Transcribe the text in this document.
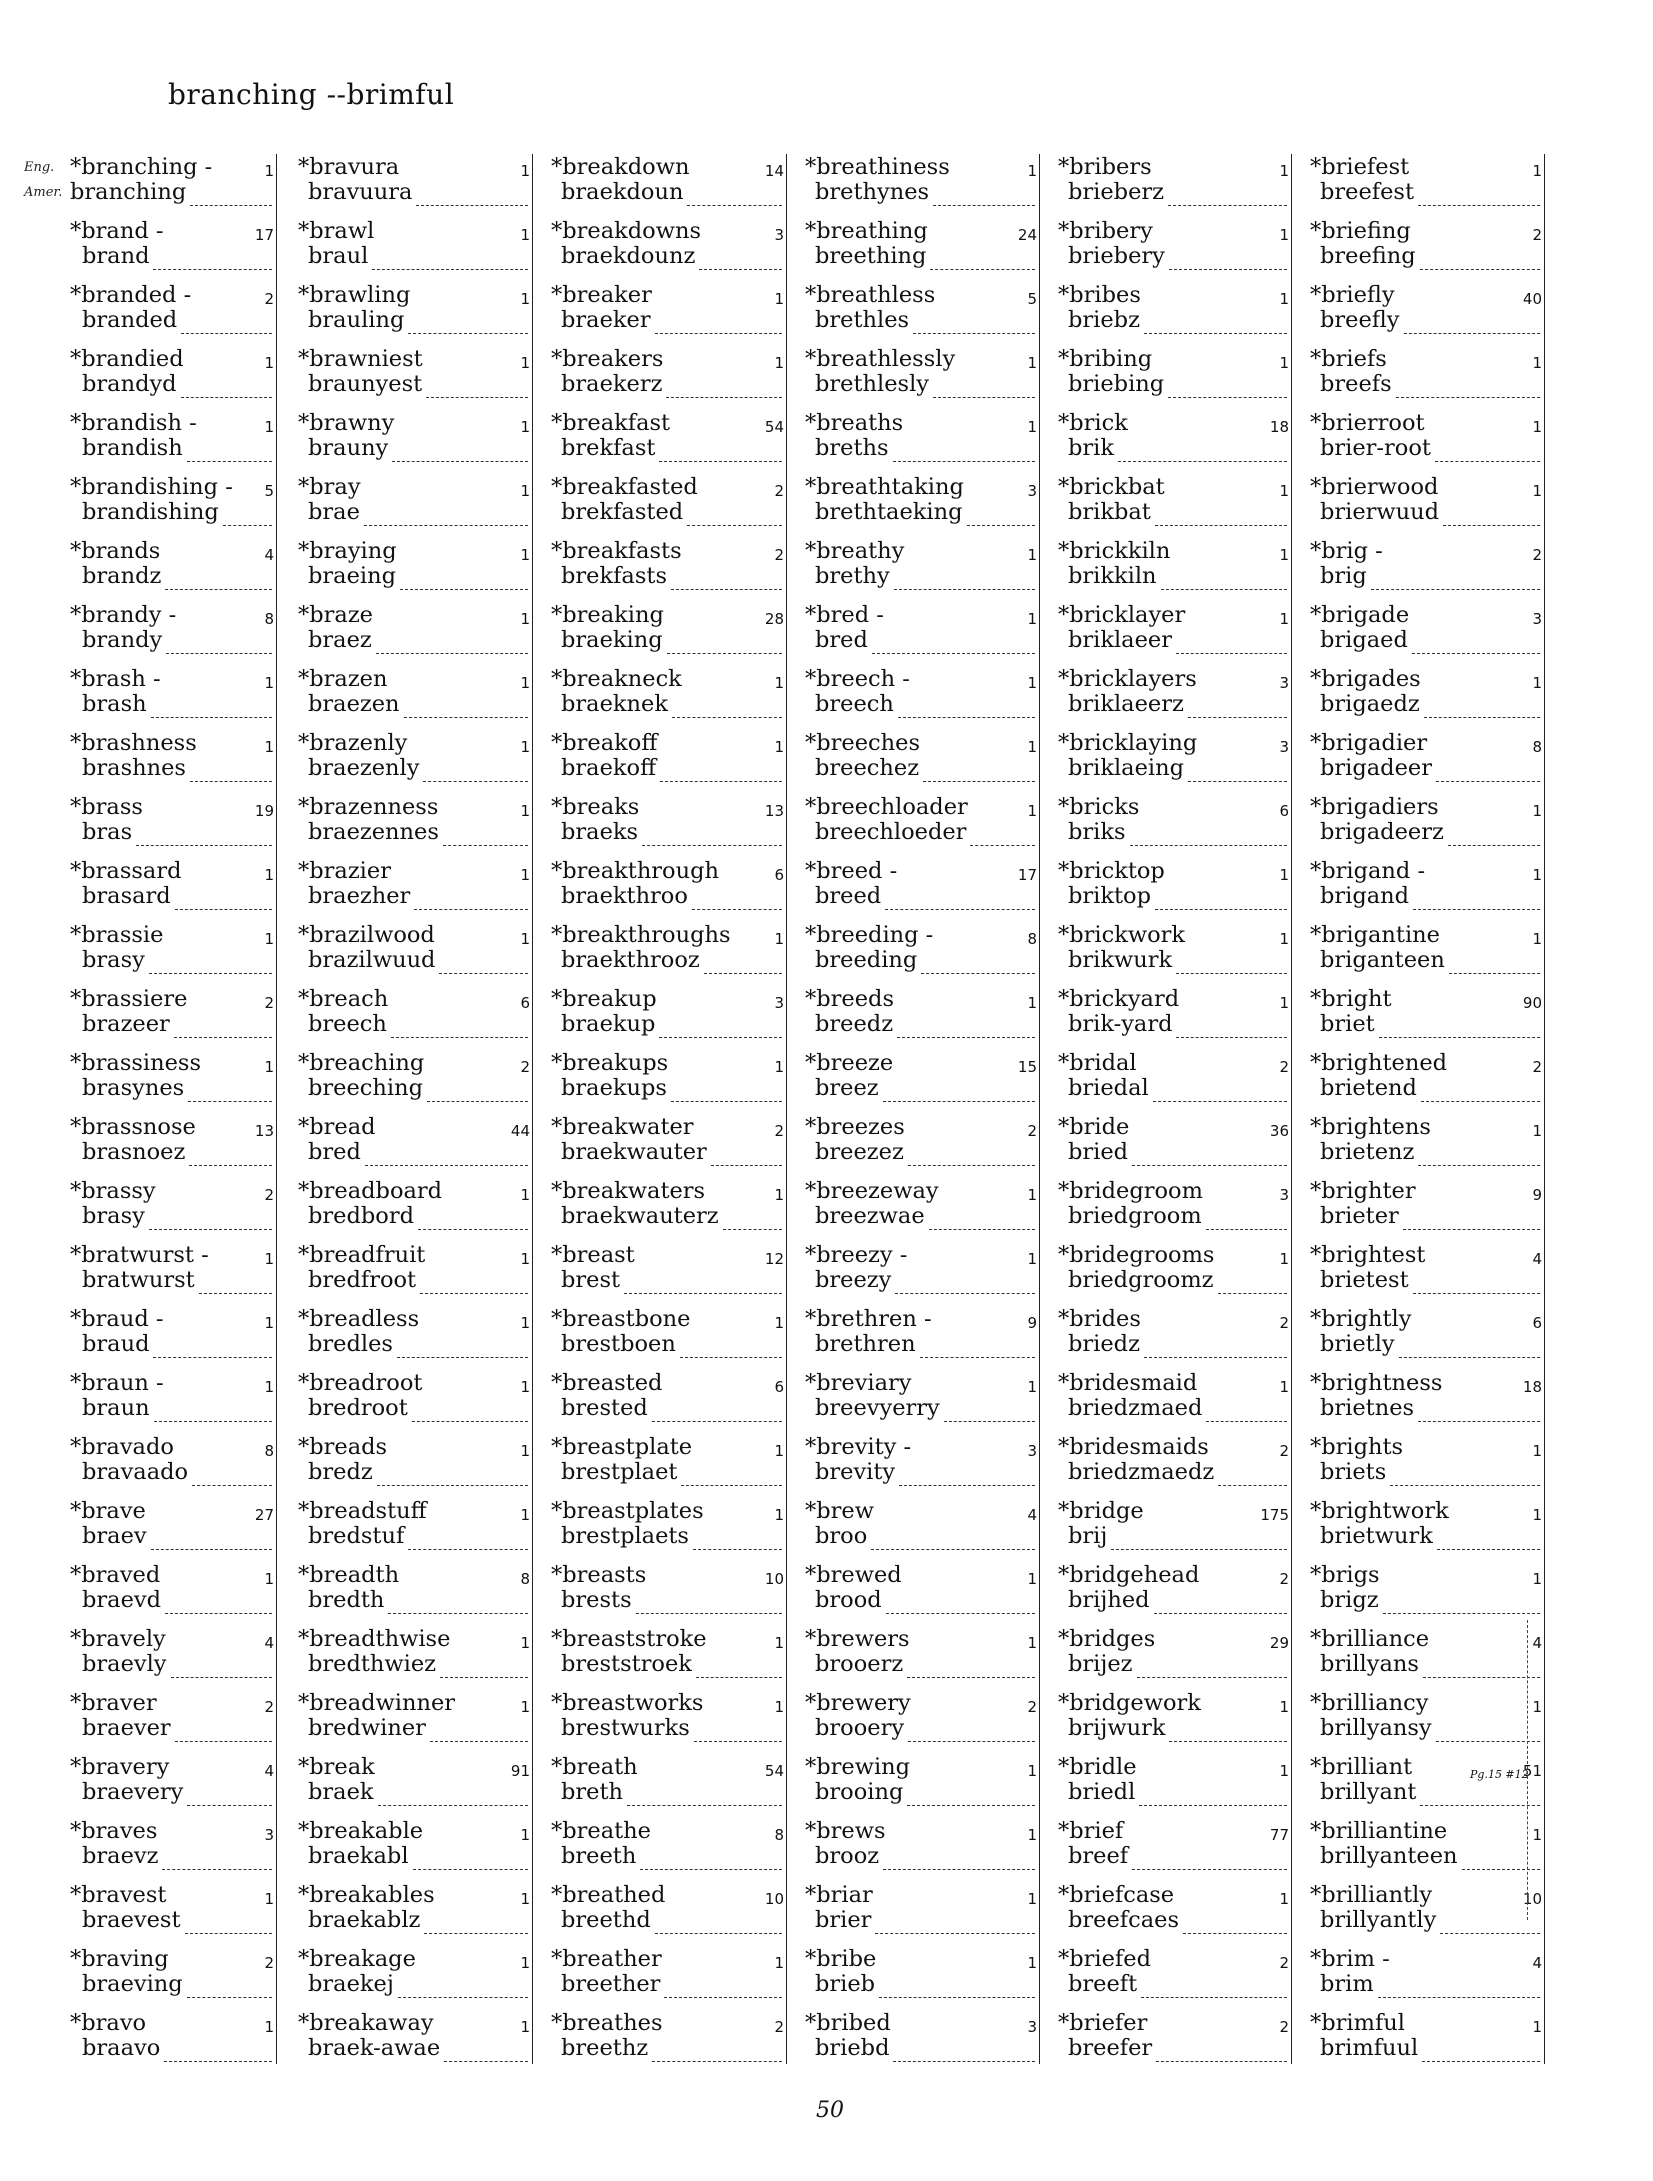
branching --brimful
*branching -
branching
1
Eng.
Amer.
*brand -
brand
17
*branded -
branded
2
*brandied
brandyd
1
*brandish -
brandish
1
*brandishing -
brandishing
5
*brands
brandz
4
*brandy -
brandy
8
*brash -
brash
1
*brashness
brashnes
1
*brass
bras
19
*brassard
brasard
1
*brassie
brasy
1
*brassiere
brazeer
2
*brassiness
brasynes
1
*brassnose
brasnoez
13
*brassy
brasy
2
*bratwurst -
bratwurst
1
*braud -
braud
1
*braun -
braun
1
*bravado
bravaado
8
*brave
braev
27
*braved
braevd
1
*bravely
braevly
4
*braver
braever
2
*bravery
braevery
4
*braves
braevz
3
*bravest
braevest
1
*braving
braeving
2
*bravo
braavo
1
*bravura
bravuura
1
*brawl
braul
1
*brawling
brauling
1
*brawniest
braunyest
1
*brawny
brauny
1
*bray
brae
1
*braying
braeing
1
*braze
braez
1
*brazen
braezen
1
*brazenly
braezenly
1
*brazenness
braezennes
1
*brazier
braezher
1
*brazilwood
brazilwuud
1
*breach
breech
6
*breaching
breeching
2
*bread
bred
44
*breadboard
bredbord
1
*breadfruit
bredfroot
1
*breadless
bredles
1
*breadroot
bredroot
1
*breads
bredz
1
*breadstuff
bredstuf
1
*breadth
bredth
8
*breadthwise
bredthwiez
1
*breadwinner
bredwiner
1
*break
braek
91
*breakable
braekabl
1
*breakables
braekablz
1
*breakage
braekej
1
*breakaway
braek-awae
1
*breakdown
braekdoun
14
*breakdowns
braekdounz
3
*breaker
braeker
1
*breakers
braekerz
1
*breakfast
brekfast
54
*breakfasted
brekfasted
2
*breakfasts
brekfasts
2
*breaking
braeking
28
*breakneck
braeknek
1
*breakoff
braekoff
1
*breaks
braeks
13
*breakthrough
braekthroo
6
*breakthroughs
braekthrooz
1
*breakup
braekup
3
*breakups
braekups
1
*breakwater
braekwauter
2
*breakwaters
braekwauterz
1
*breast
brest
12
*breastbone
brestboen
1
*breasted
brested
6
*breastplate
brestplaet
1
*breastplates
brestplaets
1
*breasts
brests
10
*breaststroke
breststroek
1
*breastworks
brestwurks
1
*breath
breth
54
*breathe
breeth
8
*breathed
breethd
10
*breather
breether
1
*breathes
breethz
2
*breathiness
brethynes
1
*breathing
breething
24
*breathless
brethles
5
*breathlessly
brethlesly
1
*breaths
breths
1
*breathtaking
brethtaeking
3
*breathy
brethy
1
*bred -
bred
1
*breech -
breech
1
*breeches
breechez
1
*breechloader
breechloeder
1
*breed -
breed
17
*breeding -
breeding
8
*breeds
breedz
1
*breeze
breez
15
*breezes
breezez
2
*breezeway
breezwae
1
*breezy -
breezy
1
*brethren -
brethren
9
*breviary
breevyerry
1
*brevity -
brevity
3
*brew
broo
4
*brewed
brood
1
*brewers
brooerz
1
*brewery
brooery
2
*brewing
brooing
1
*brews
brooz
1
*briar
brier
1
*bribe
brieb
1
*bribed
briebd
3
*bribers
brieberz
1
*bribery
briebery
1
*bribes
briebz
1
*bribing
briebing
1
*brick
brik
18
*brickbat
brikbat
1
*brickkiln
brikkiln
1
*bricklayer
briklaeer
1
*bricklayers
briklaeerz
3
*bricklaying
briklaeing
3
*bricks
briks
6
*bricktop
briktop
1
*brickwork
brikwurk
1
*brickyard
brik-yard
1
*bridal
briedal
2
*bride
bried
36
*bridegroom
briedgroom
3
*bridegrooms
briedgroomz
1
*brides
briedz
2
*bridesmaid
briedzmaed
1
*bridesmaids
briedzmaedz
2
*bridge
brij
175
*bridgehead
brijhed
2
*bridges
brijez
29
*bridgework
brijwurk
1
*bridle
briedl
1
*brief
breef
77
*briefcase
breefcaes
1
*briefed
breeft
2
*briefer
breefer
2
*briefest
breefest
1
*briefing
breefing
2
*briefly
breefly
40
*briefs
breefs
1
*brierroot
brier-root
1
*brierwood
brierwuud
1
*brig -
brig
2
*brigade
brigaed
3
*brigades
brigaedz
1
*brigadier
brigadeer
8
*brigadiers
brigadeerz
1
*brigand -
brigand
1
*brigantine
briganteen
1
*bright
briet
90
*brightened
brietend
2
*brightens
brietenz
1
*brighter
brieter
9
*brightest
brietest
4
*brightly
brietly
6
*brightness
brietnes
18
*brights
briets
1
*brightwork
brietwurk
1
*brigs
brigz
1
*brilliance
brillyans
4
*brilliancy
brillyansy
1
*brilliant
brillyant
51
*brilliantine
brillyanteen
1
*brilliantly
brillyantly
10
*brim -
brim
4
*brimful
brimfuul
1
Pg.15 #12
50
